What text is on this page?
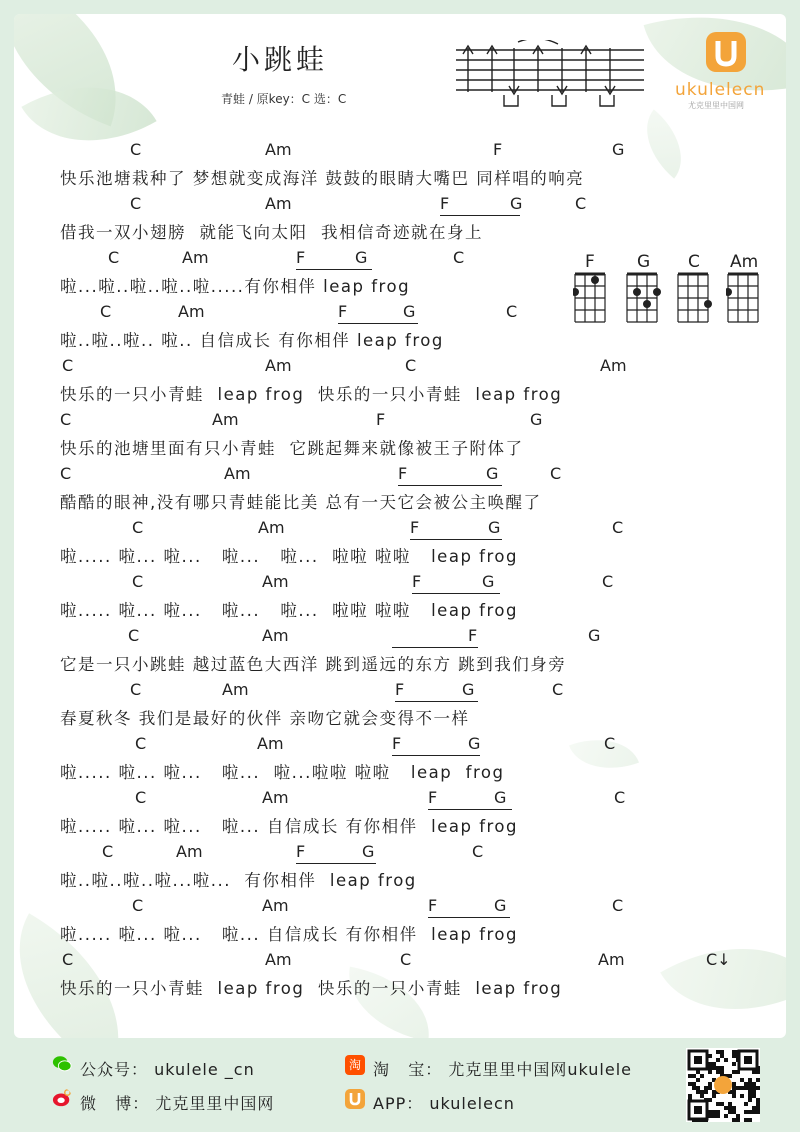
小跳蛙
青蛙 / 原key：C 选：C	ukulelecn
尤克里里中国网
F G C Am
C	Am	F	G
快乐池塘栽种了 梦想就变成海洋 鼓鼓的眼睛大嘴巴 同样唱的响亮
C	Am	F	G	C
借我一双小翅膀  就能飞向太阳  我相信奇迹就在身上
C	Am	F	G	C
啦...啦..啦..啦..啦.....有你相伴 leap frog
C	Am	F	G	C
啦..啦..啦.. 啦.. 自信成长 有你相伴 leap frog
C	Am	C	Am
快乐的一只小青蛙  leap frog  快乐的一只小青蛙  leap frog
C	Am	F	G
快乐的池塘里面有只小青蛙  它跳起舞来就像被王子附体了
C	Am	F	G	C
酷酷的眼神,没有哪只青蛙能比美 总有一天它会被公主唤醒了
C	Am	F	G	C
啦..... 啦... 啦...   啦...   啦...  啦啦 啦啦   leap frog
C	Am	F	G	C
啦..... 啦... 啦...   啦...   啦...  啦啦 啦啦   leap frog
C	Am	F	G
它是一只小跳蛙 越过蓝色大西洋 跳到遥远的东方 跳到我们身旁
C	Am	F	G	C
春夏秋冬 我们是最好的伙伴 亲吻它就会变得不一样
C	Am	F	G	C
啦..... 啦... 啦...   啦...  啦...啦啦 啦啦   leap  frog
C	Am	F	G	C
啦..... 啦... 啦...   啦... 自信成长 有你相伴  leap frog
C	Am	F	G	C
啦..啦..啦..啦...啦...  有你相伴  leap frog
C	Am	F	G	C
啦..... 啦... 啦...   啦... 自信成长 有你相伴  leap frog
C	Am	C	Am	C↓
快乐的一只小青蛙  leap frog  快乐的一只小青蛙  leap frog
公众号： ukulele _cn
微   博： 尤克里里中国网
淘 淘   宝： 尤克里里中国网ukulele
APP： ukulelecn
